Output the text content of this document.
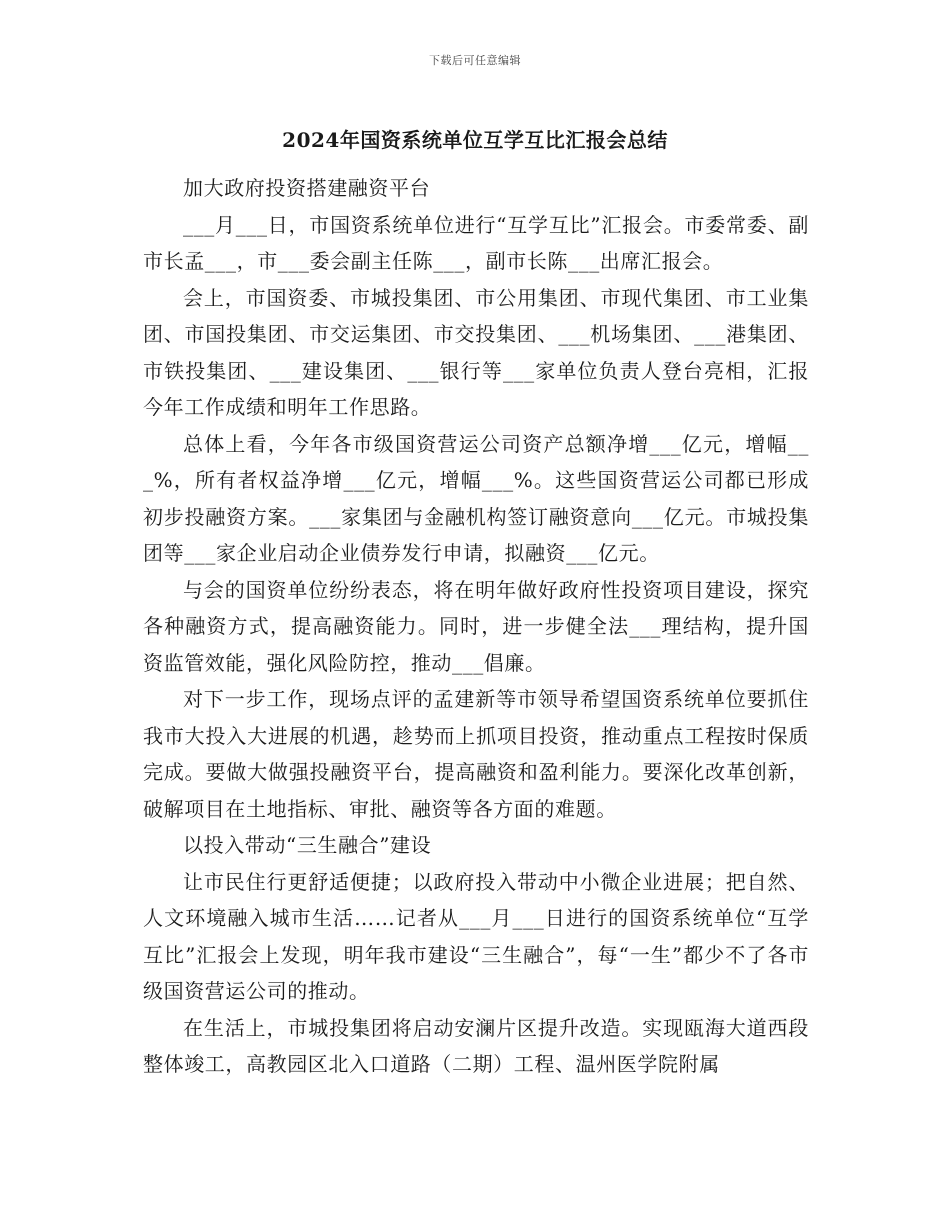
下载后可任意编辑
2024年国资系统单位互学互比汇报会总结

加大政府投资搭建融资平台

___月___日，市国资系统单位进行“互学互比”汇报会。市委常委、副市长孟___，市___委会副主任陈___，副市长陈___出席汇报会。

会上，市国资委、市城投集团、市公用集团、市现代集团、市工业集团、市国投集团、市交运集团、市交投集团、___机场集团、___港集团、市铁投集团、___建设集团、___银行等___家单位负责人登台亮相，汇报今年工作成绩和明年工作思路。

总体上看，今年各市级国资营运公司资产总额净增___亿元，增幅___%，所有者权益净增___亿元，增幅___%。这些国资营运公司都已形成初步投融资方案。___家集团与金融机构签订融资意向___亿元。市城投集团等___家企业启动企业债券发行申请，拟融资___亿元。

与会的国资单位纷纷表态，将在明年做好政府性投资项目建设，探究各种融资方式，提高融资能力。同时，进一步健全法___理结构，提升国资监管效能，强化风险防控，推动___倡廉。

对下一步工作，现场点评的孟建新等市领导希望国资系统单位要抓住我市大投入大进展的机遇，趁势而上抓项目投资，推动重点工程按时保质完成。要做大做强投融资平台，提高融资和盈利能力。要深化改革创新，破解项目在土地指标、审批、融资等各方面的难题。

以投入带动“三生融合”建设

让市民住行更舒适便捷；以政府投入带动中小微企业进展；把自然、人文环境融入城市生活……记者从___月___日进行的国资系统单位“互学互比”汇报会上发现，明年我市建设“三生融合”，每“一生”都少不了各市级国资营运公司的推动。

在生活上，市城投集团将启动安澜片区提升改造。实现瓯海大道西段整体竣工，高教园区北入口道路（二期）工程、温州医学院附属
